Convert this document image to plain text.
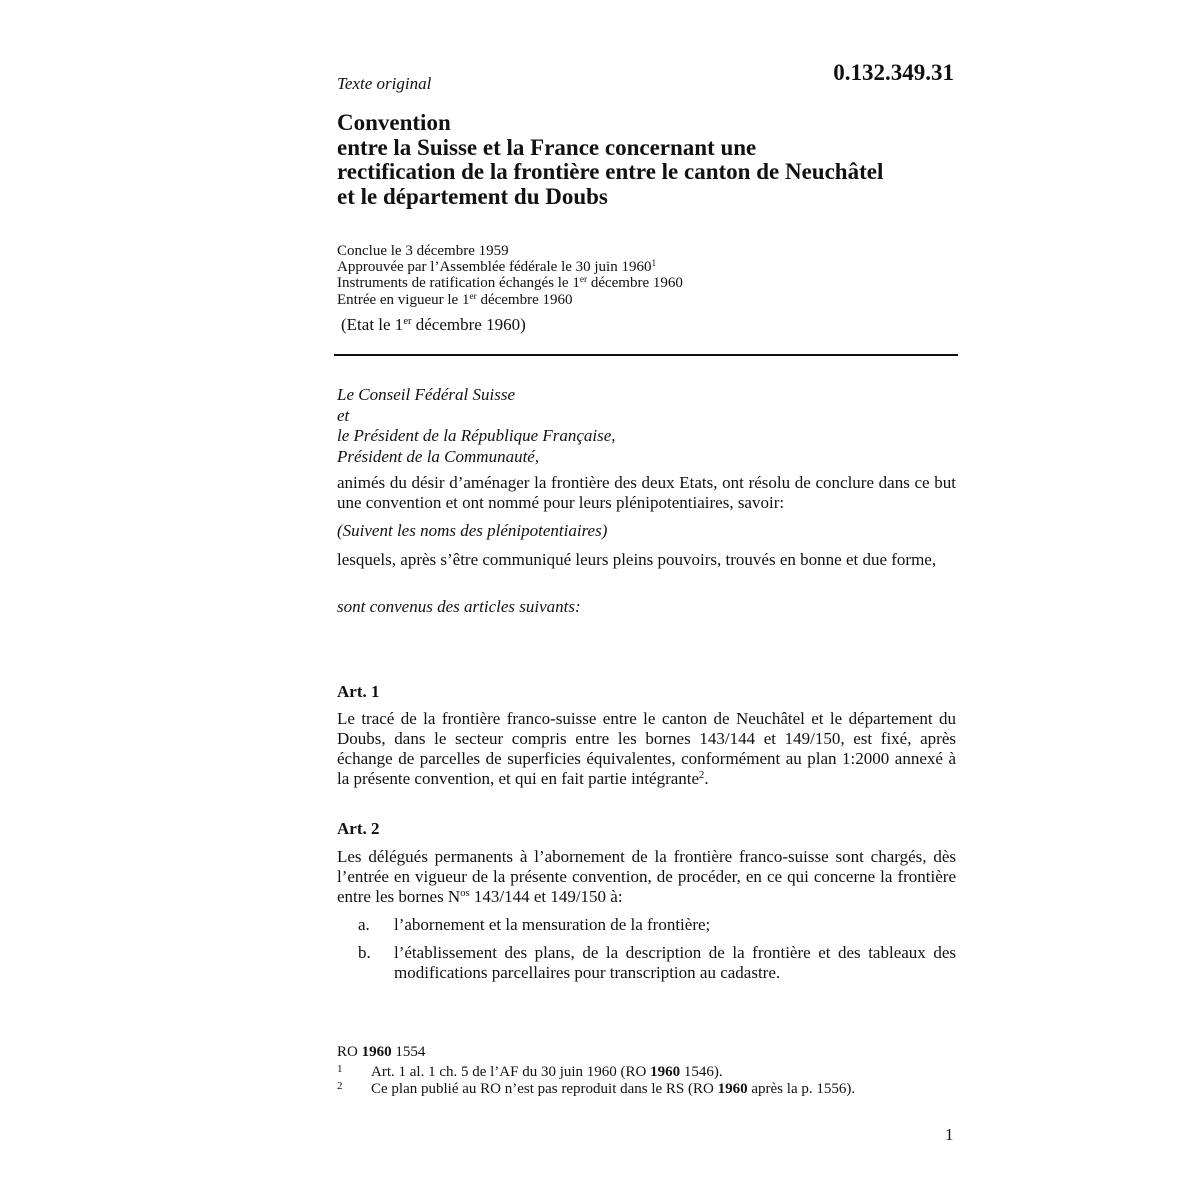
Texte original	0.132.349.31
Convention
entre la Suisse et la France concernant une
rectification de la frontière entre le canton de Neuchâtel
et le département du Doubs
Conclue le 3 décembre 1959
Approuvée par l’Assemblée fédérale le 30 juin 1960$^1$
Instruments de ratification échangés le 1er décembre 1960
Entrée en vigueur le 1er décembre 1960
(Etat le 1er décembre 1960)
Le Conseil Fédéral Suisse
et
le Président de la République Française,
Président de la Communauté,
animés du désir d’aménager la frontière des deux Etats, ont résolu de conclure dans ce but une convention et ont nommé pour leurs plénipotentiaires, savoir:
(Suivent les noms des plénipotentiaires)
lesquels, après s’être communiqué leurs pleins pouvoirs, trouvés en bonne et due forme,
sont convenus des articles suivants:
Art. 1
Le tracé de la frontière franco-suisse entre le canton de Neuchâtel et le département du Doubs, dans le secteur compris entre les bornes 143/144 et 149/150, est fixé, après échange de parcelles de superficies équivalentes, conformément au plan 1:2000 annexé à la présente convention, et qui en fait partie intégrante$^2$.
Art. 2
Les délégués permanents à l’abornement de la frontière franco-suisse sont chargés, dès l’entrée en vigueur de la présente convention, de procéder, en ce qui concerne la frontière entre les bornes $N^{os}$ 143/144 et 149/150 à:
a. l’abornement et la mensuration de la frontière;
b. l’établissement des plans, de la description de la frontière et des tableaux des modifications parcellaires pour transcription au cadastre.
RO 1960 1554
1 Art. 1 al. 1 ch. 5 de l’AF du 30 juin 1960 (RO 1960 1546).
2 Ce plan publié au RO n’est pas reproduit dans le RS (RO 1960 après la p. 1556).
1
